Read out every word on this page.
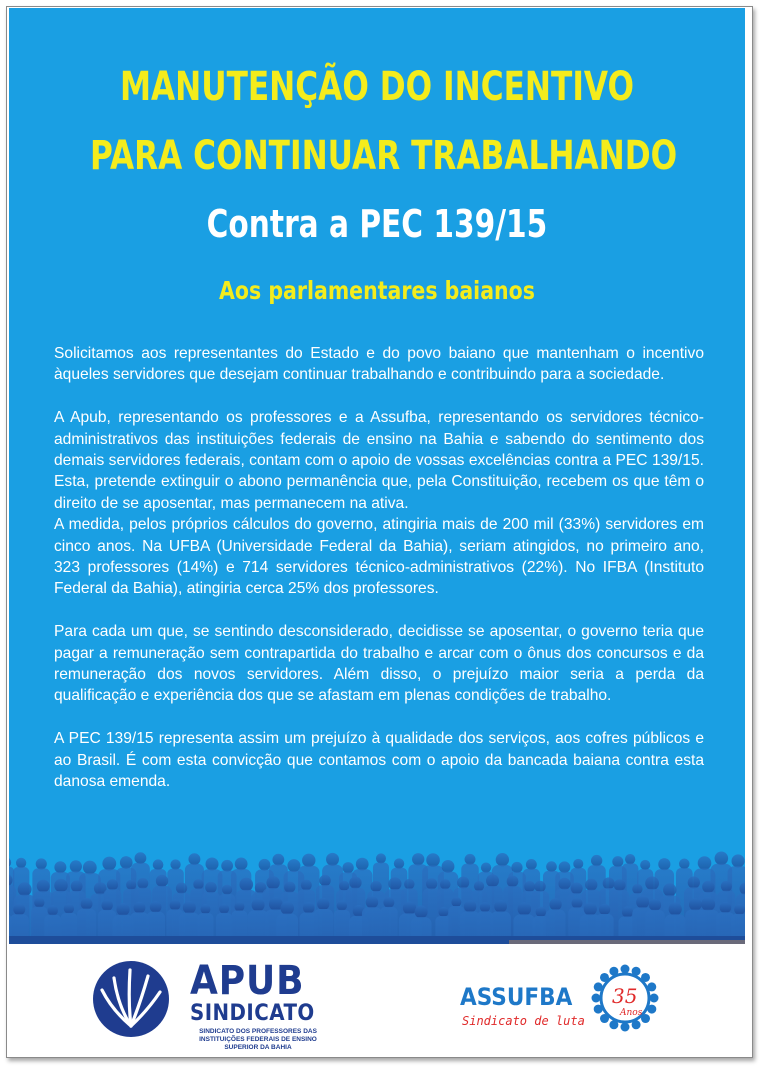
MANUTENÇÃO DO INCENTIVO
PARA CONTINUAR TRABALHANDO
Contra a PEC 139/15
Aos parlamentares baianos

Solicitamos aos representantes do Estado e do povo baiano que mantenham o incentivo àqueles servidores que desejam continuar trabalhando e contribuindo para a sociedade.

A Apub, representando os professores e a Assufba, representando os servidores técnico-administrativos das instituições federais de ensino na Bahia e sabendo do sentimento dos demais servidores federais, contam com o apoio de vossas excelências contra a PEC 139/15. Esta, pretende extinguir o abono permanência que, pela Constituição, recebem os que têm o direito de se aposentar, mas permanecem na ativa.

A medida, pelos próprios cálculos do governo, atingiria mais de 200 mil (33%) servidores em cinco anos. Na UFBA (Universidade Federal da Bahia), seriam atingidos, no primeiro ano, 323 professores (14%) e 714 servidores técnico-administrativos (22%). No IFBA (Instituto Federal da Bahia), atingiria cerca 25% dos professores.

Para cada um que, se sentindo desconsiderado, decidisse se aposentar, o governo teria que pagar a remuneração sem contrapartida do trabalho e arcar com o ônus dos concursos e da remuneração dos novos servidores. Além disso, o prejuízo maior seria a perda da qualificação e experiência dos que se afastam em plenas condições de trabalho.

A PEC 139/15 representa assim um prejuízo à qualidade dos serviços, aos cofres públicos e ao Brasil. É com esta convicção que contamos com o apoio da bancada baiana contra esta danosa emenda.

APUB
SINDICATO
SINDICATO DOS PROFESSORES DAS INSTITUIÇÕES FEDERAIS DE ENSINO SUPERIOR DA BAHIA
ASSUFBA
Sindicato de luta
35
Anos
